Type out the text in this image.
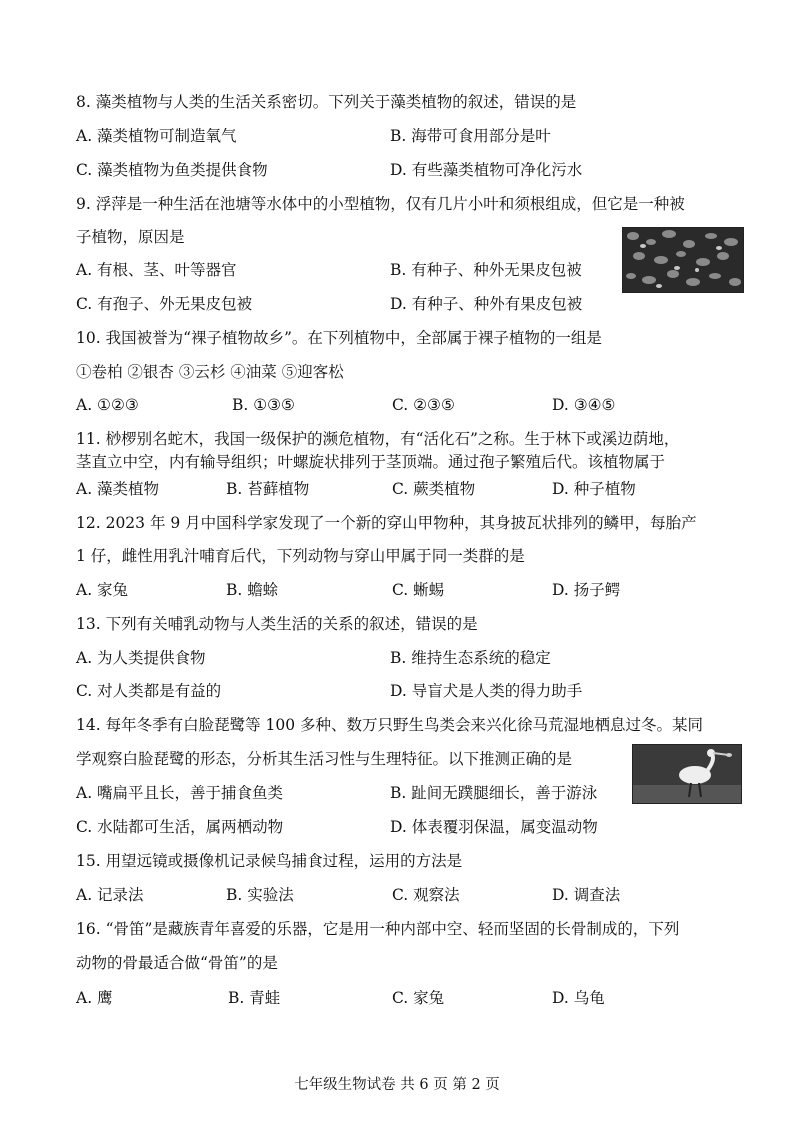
8. 藻类植物与人类的生活关系密切。下列关于藻类植物的叙述，错误的是
A. 藻类植物可制造氧气	B. 海带可食用部分是叶
C. 藻类植物为鱼类提供食物	D. 有些藻类植物可净化污水
9. 浮萍是一种生活在池塘等水体中的小型植物，仅有几片小叶和须根组成，但它是一种被
子植物，原因是
A. 有根、茎、叶等器官	B. 有种子、种外无果皮包被
C. 有孢子、外无果皮包被	D. 有种子、种外有果皮包被
10. 我国被誉为“裸子植物故乡”。在下列植物中，全部属于裸子植物的一组是
①卷柏 ②银杏 ③云杉 ④油菜 ⑤迎客松
A. ①②③	B. ①③⑤	C. ②③⑤	D. ③④⑤
11. 桫椤别名蛇木，我国一级保护的濒危植物，有“活化石”之称。生于林下或溪边荫地，
茎直立中空，内有输导组织；叶螺旋状排列于茎顶端。通过孢子繁殖后代。该植物属于
A. 藻类植物	B. 苔藓植物	C. 蕨类植物	D. 种子植物
12. 2023 年 9 月中国科学家发现了一个新的穿山甲物种，其身披瓦状排列的鳞甲，每胎产
1 仔，雌性用乳汁哺育后代，下列动物与穿山甲属于同一类群的是
A. 家兔	B. 蟾蜍	C. 蜥蜴	D. 扬子鳄
13. 下列有关哺乳动物与人类生活的关系的叙述，错误的是
A. 为人类提供食物	B. 维持生态系统的稳定
C. 对人类都是有益的	D. 导盲犬是人类的得力助手
14. 每年冬季有白脸琵鹭等 100 多种、数万只野生鸟类会来兴化徐马荒湿地栖息过冬。某同
学观察白脸琵鹭的形态，分析其生活习性与生理特征。以下推测正确的是
A. 嘴扁平且长，善于捕食鱼类	B. 趾间无蹼腿细长，善于游泳
C. 水陆都可生活，属两栖动物	D. 体表覆羽保温，属变温动物
15. 用望远镜或摄像机记录候鸟捕食过程，运用的方法是
A. 记录法	B. 实验法	C. 观察法	D. 调查法
16. “骨笛”是藏族青年喜爱的乐器，它是用一种内部中空、轻而坚固的长骨制成的，下列
动物的骨最适合做“骨笛”的是
A. 鹰	B. 青蛙	C. 家兔	D. 乌龟
七年级生物试卷 共 6 页 第 2 页
